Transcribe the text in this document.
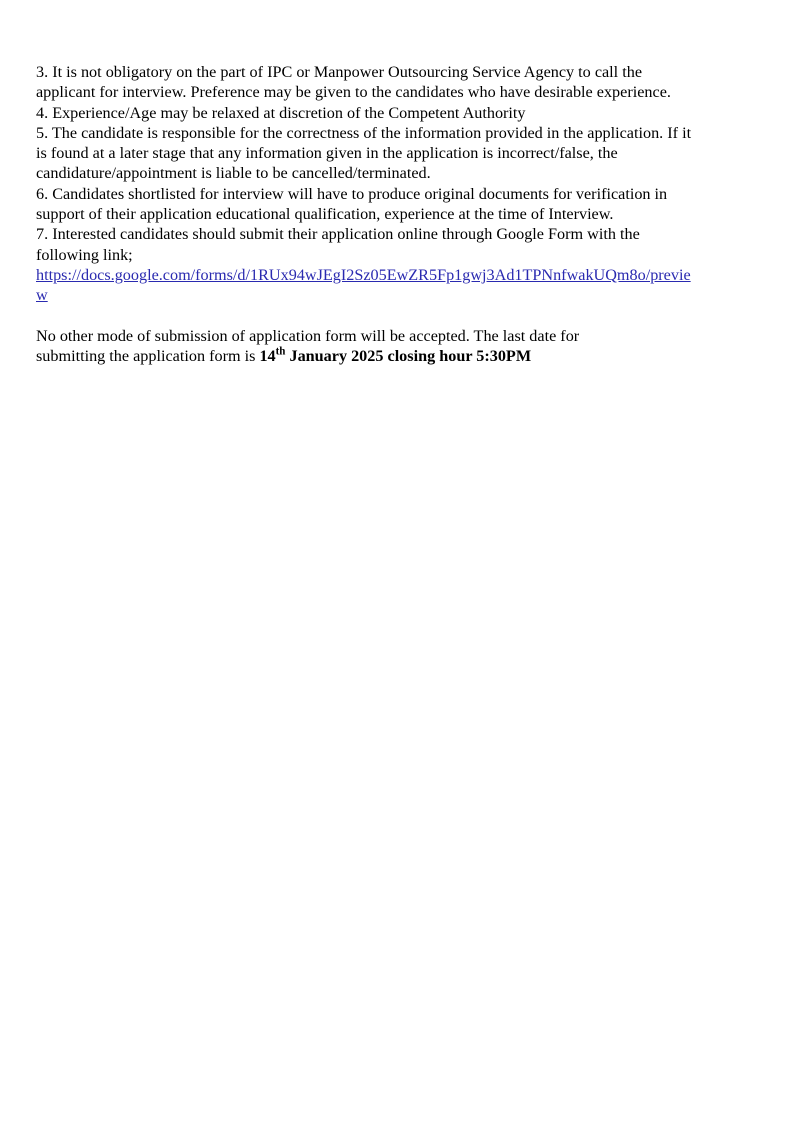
3. It is not obligatory on the part of IPC or Manpower Outsourcing Service Agency to call the applicant for interview. Preference may be given to the candidates who have desirable experience.

4. Experience/Age may be relaxed at discretion of the Competent Authority

5. The candidate is responsible for the correctness of the information provided in the application. If it is found at a later stage that any information given in the application is incorrect/false, the candidature/appointment is liable to be cancelled/terminated.

6. Candidates shortlisted for interview will have to produce original documents for verification in support of their application educational qualification, experience at the time of Interview.

7. Interested candidates should submit their application online through Google Form with the following link;

https://docs.google.com/forms/d/1RUx94wJEgI2Sz05EwZR5Fp1gwj3Ad1TPNnfwakUQm8o/preview

No other mode of submission of application form will be accepted. The last date for submitting the application form is 14th January 2025 closing hour 5:30PM
